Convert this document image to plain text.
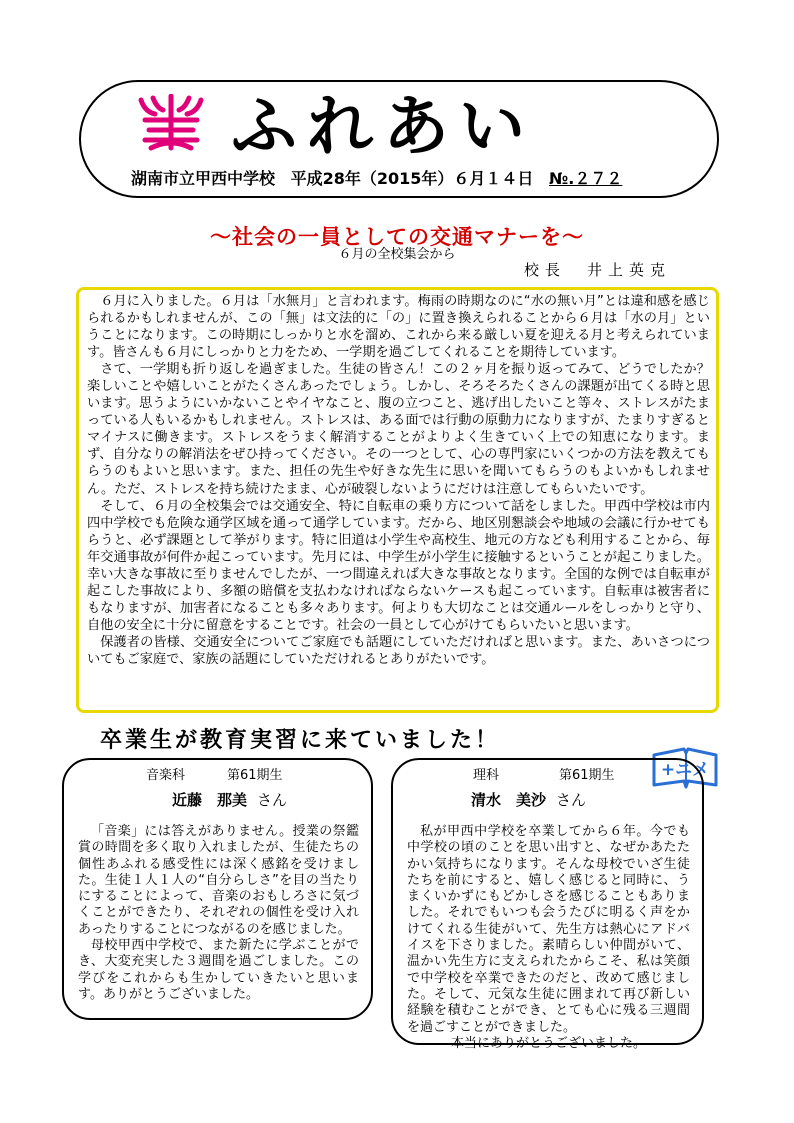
ふれあい
湖南市立甲西中学校 平成28年（2015年）６月１４日 №.２７２
～社会の一員としての交通マナーを～
６月の全校集会から
校長　井上英克

６月に入りました。６月は「水無月」と言われます。梅雨の時期なのに“水の無い月”とは違和感を感じられるかもしれませんが、この「無」は文法的に「の」に置き換えられることから６月は「水の月」ということになります。この時期にしっかりと水を溜め、これから来る厳しい夏を迎える月と考えられています。皆さんも６月にしっかりと力をため、一学期を過ごしてくれることを期待しています。

さて、一学期も折り返しを過ぎました。生徒の皆さん！この２ヶ月を振り返ってみて、どうでしたか？楽しいことや嬉しいことがたくさんあったでしょう。しかし、そろそろたくさんの課題が出てくる時と思います。思うようにいかないことやイヤなこと、腹の立つこと、逃げ出したいこと等々、ストレスがたまっている人もいるかもしれません。ストレスは、ある面では行動の原動力になりますが、たまりすぎるとマイナスに働きます。ストレスをうまく解消することがよりよく生きていく上での知恵になります。まず、自分なりの解消法をぜひ持ってください。その一つとして、心の専門家にいくつかの方法を教えてもらうのもよいと思います。また、担任の先生や好きな先生に思いを聞いてもらうのもよいかもしれません。ただ、ストレスを持ち続けたまま、心が破裂しないようにだけは注意してもらいたいです。

そして、６月の全校集会では交通安全、特に自転車の乗り方について話をしました。甲西中学校は市内四中学校でも危険な通学区域を通って通学しています。だから、地区別懇談会や地域の会議に行かせてもらうと、必ず課題として挙がります。特に旧道は小学生や高校生、地元の方なども利用することから、毎年交通事故が何件か起こっています。先月には、中学生が小学生に接触するということが起こりました。幸い大きな事故に至りませんでしたが、一つ間違えれば大きな事故となります。全国的な例では自転車が起こした事故により、多額の賠償を支払わなければならないケースも起こっています。自転車は被害者にもなりますが、加害者になることも多々あります。何よりも大切なことは交通ルールをしっかりと守り、自他の安全に十分に留意をすることです。社会の一員として心がけてもらいたいと思います。

保護者の皆様、交通安全についてご家庭でも話題にしていただければと思います。また、あいさつについてもご家庭で、家族の話題にしていただけれるとありがたいです。

卒業生が教育実習に来ていました！
+ニメ
音楽科	第61期生
近藤　那美 さん

「音楽」には答えがありません。授業の祭鑑賞の時間を多く取り入れましたが、生徒たちの個性あふれる感受性には深く感銘を受けました。生徒１人１人の“自分らしさ”を目の当たりにすることによって、音楽のおもしろさに気づくことができたり、それぞれの個性を受け入れあったりすることにつながるのを感じました。

母校甲西中学校で、また新たに学ぶことができ、大変充実した３週間を過ごしました。この学びをこれからも生かしていきたいと思います。ありがとうございました。

理科	第61期生
清水　美沙 さん

私が甲西中学校を卒業してから６年。今でも中学校の頃のことを思い出すと、なぜかあたたかい気持ちになります。そんな母校でいざ生徒たちを前にすると、嬉しく感じると同時に、うまくいかずにもどかしさを感じることもありました。それでもいつも会うたびに明るく声をかけてくれる生徒がいて、先生方は熱心にアドバイスを下さりました。素晴らしい仲間がいて、温かい先生方に支えられたからこそ、私は笑顔で中学校を卒業できたのだと、改めて感じました。そして、元気な生徒に囲まれて再び新しい経験を積むことができ、とても心に残る三週間を過ごすことができました。

本当にありがとうございました。
